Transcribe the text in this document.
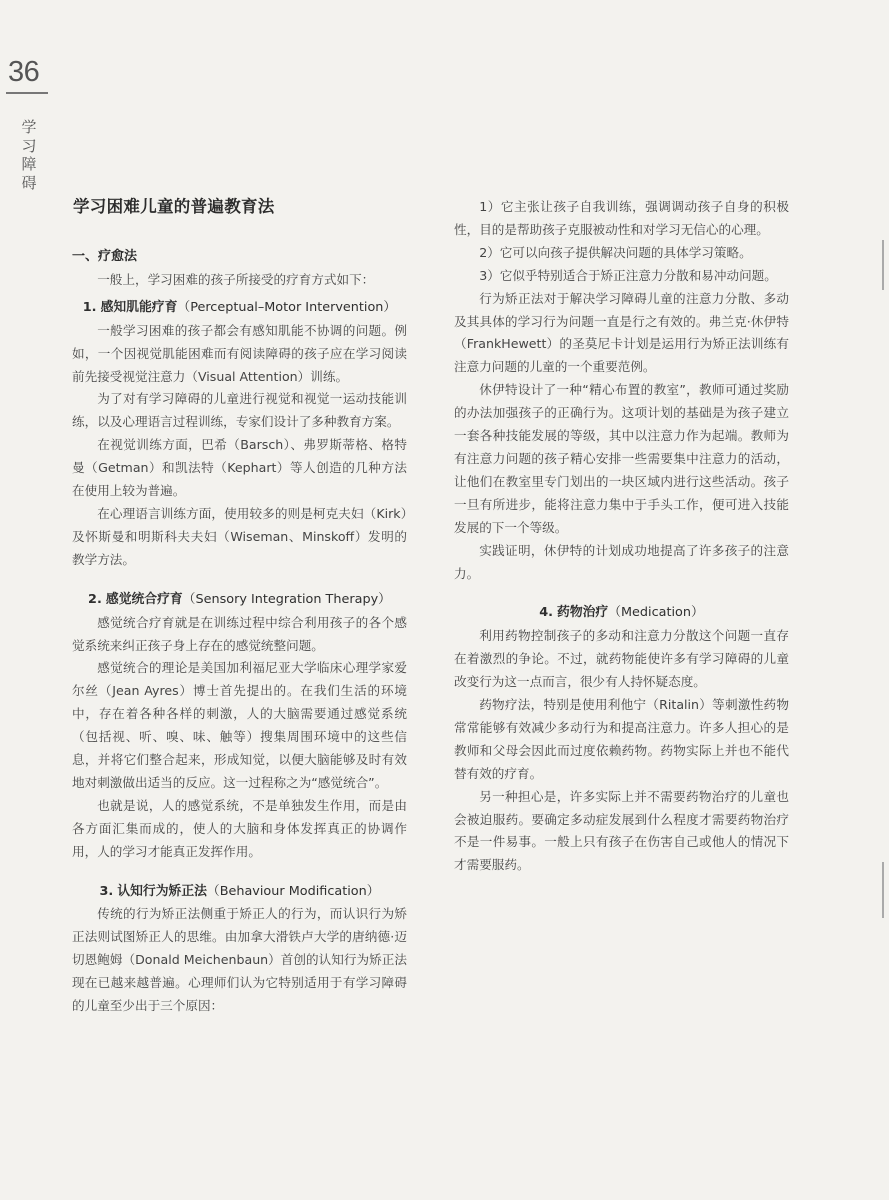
36
学习障碍
学习困难儿童的普遍教育法
一、疗愈法

一般上，学习困难的孩子所接受的疗育方式如下：

1. 感知肌能疗育（Perceptual–Motor Intervention）

一般学习困难的孩子都会有感知肌能不协调的问题。例如，一个因视觉肌能困难而有阅读障碍的孩子应在学习阅读前先接受视觉注意力（Visual Attention）训练。

为了对有学习障碍的儿童进行视觉和视觉一运动技能训练，以及心理语言过程训练，专家们设计了多种教育方案。

在视觉训练方面，巴希（Barsch）、弗罗斯蒂格、格特曼（Getman）和凯法特（Kephart）等人创造的几种方法在使用上较为普遍。

在心理语言训练方面，使用较多的则是柯克夫妇（Kirk）及怀斯曼和明斯科夫夫妇（Wiseman、Minskoff）发明的教学方法。

2. 感觉统合疗育（Sensory Integration Therapy）

感觉统合疗育就是在训练过程中综合利用孩子的各个感觉系统来纠正孩子身上存在的感觉统整问题。

感觉统合的理论是美国加利福尼亚大学临床心理学家爱尔丝（Jean Ayres）博士首先提出的。在我们生活的环境中，存在着各种各样的刺激，人的大脑需要通过感觉系统（包括视、听、嗅、味、触等）搜集周围环境中的这些信息，并将它们整合起来，形成知觉，以便大脑能够及时有效地对刺激做出适当的反应。这一过程称之为“感觉统合”。

也就是说，人的感觉系统，不是单独发生作用，而是由各方面汇集而成的，使人的大脑和身体发挥真正的协调作用，人的学习才能真正发挥作用。

3. 认知行为矫正法（Behaviour Modification）

传统的行为矫正法侧重于矫正人的行为，而认识行为矫正法则试图矫正人的思维。由加拿大滑铁卢大学的唐纳德·迈切恩鲍姆（Donald Meichenbaun）首创的认知行为矫正法现在已越来越普遍。心理师们认为它特别适用于有学习障碍的儿童至少出于三个原因：

1）它主张让孩子自我训练，强调调动孩子自身的积极性，目的是帮助孩子克服被动性和对学习无信心的心理。

2）它可以向孩子提供解决问题的具体学习策略。

3）它似乎特别适合于矫正注意力分散和易冲动问题。

行为矫正法对于解决学习障碍儿童的注意力分散、多动及其具体的学习行为问题一直是行之有效的。弗兰克·休伊特（FrankHewett）的圣莫尼卡计划是运用行为矫正法训练有注意力问题的儿童的一个重要范例。

休伊特设计了一种“精心布置的教室”，教师可通过奖励的办法加强孩子的正确行为。这项计划的基础是为孩子建立一套各种技能发展的等级，其中以注意力作为起端。教师为有注意力问题的孩子精心安排一些需要集中注意力的活动，让他们在教室里专门划出的一块区域内进行这些活动。孩子一旦有所进步，能将注意力集中于手头工作，便可进入技能发展的下一个等级。

实践证明，休伊特的计划成功地提高了许多孩子的注意力。

4. 药物治疗（Medication）

利用药物控制孩子的多动和注意力分散这个问题一直存在着激烈的争论。不过，就药物能使许多有学习障碍的儿童改变行为这一点而言，很少有人持怀疑态度。

药物疗法，特别是使用利他宁（Ritalin）等刺激性药物常常能够有效减少多动行为和提高注意力。许多人担心的是教师和父母会因此而过度依赖药物。药物实际上并也不能代替有效的疗育。

另一种担心是，许多实际上并不需要药物治疗的儿童也会被迫服药。要确定多动症发展到什么程度才需要药物治疗不是一件易事。一般上只有孩子在伤害自己或他人的情况下才需要服药。
